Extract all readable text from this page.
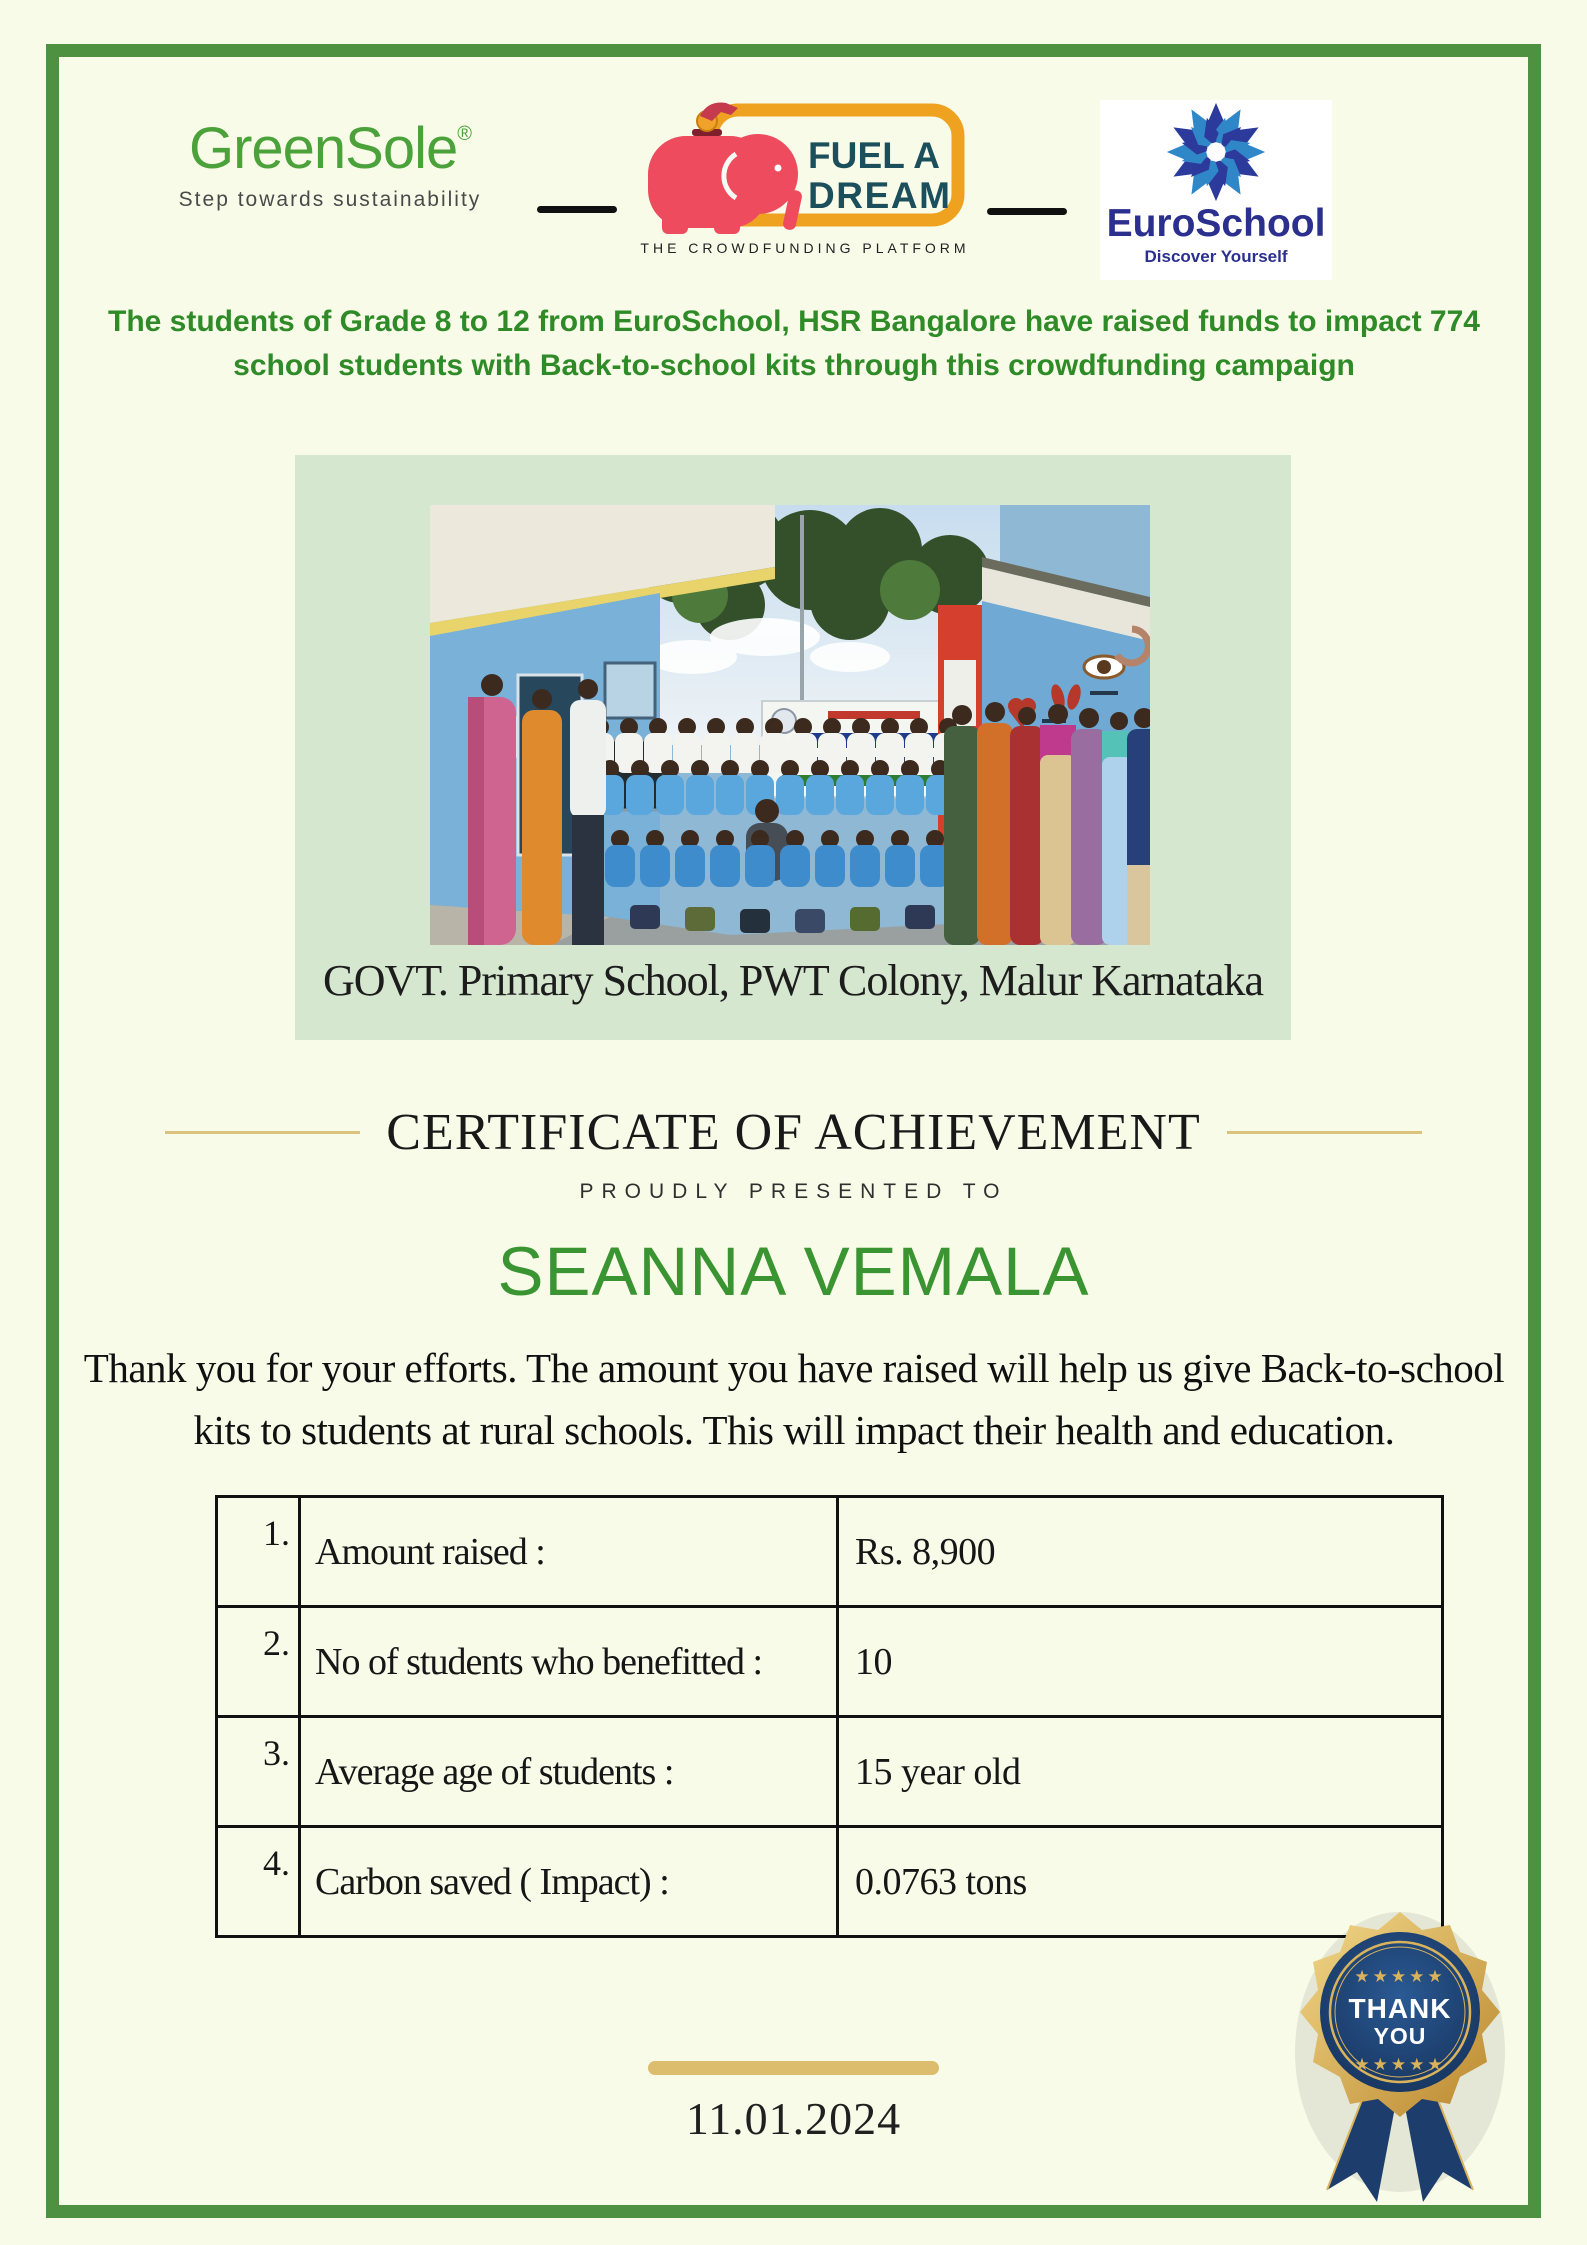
GreenSole®
Step towards sustainability
FUEL A
DREAM
THE CROWDFUNDING PLATFORM
EuroSchool
Discover Yourself
The students of Grade 8 to 12 from EuroSchool, HSR Bangalore have raised funds to impact 774
school students with Back-to-school kits through this crowdfunding campaign
GOVT. Primary School, PWT Colony, Malur Karnataka
CERTIFICATE OF ACHIEVEMENT
PROUDLY PRESENTED TO
SEANNA VEMALA
Thank you for your efforts. The amount you have raised will help us give Back-to-school kits to students at rural schools. This will impact their health and education.
1.	Amount raised :	Rs. 8,900
2.	No of students who benefitted :	10
3.	Average age of students :	15 year old
4.	Carbon saved ( Impact) :	0.0763 tons
★★★★★
THANK
YOU
★★★★★
11.01.2024
